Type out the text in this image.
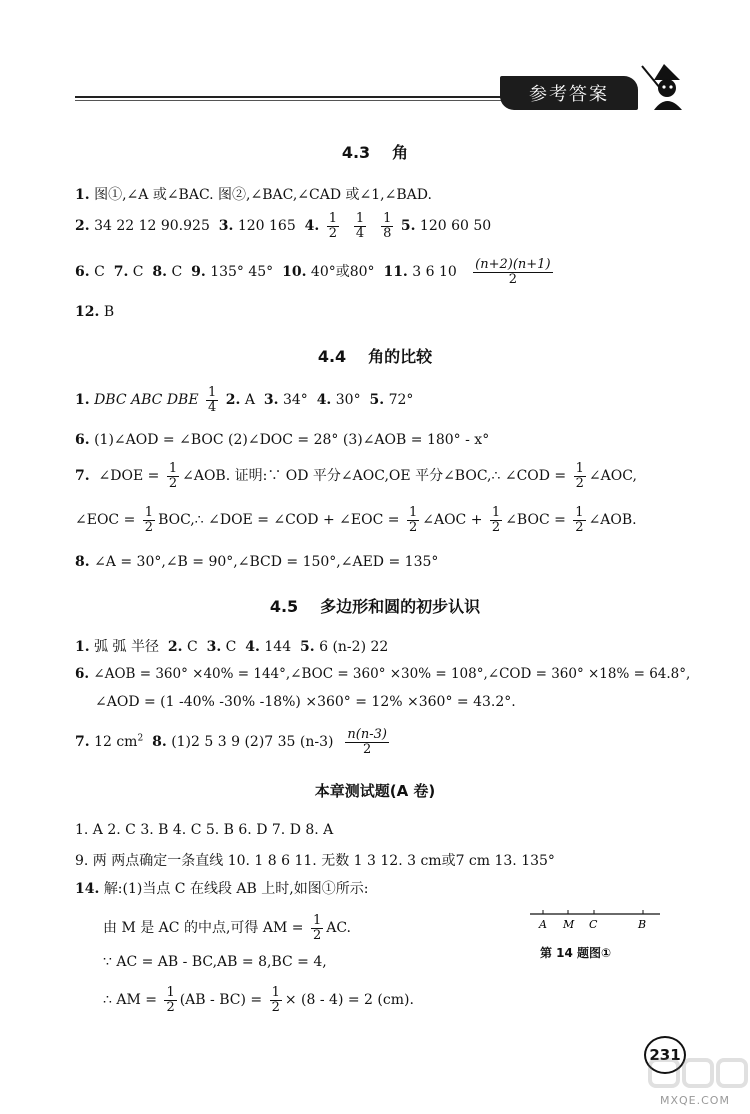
参考答案
4.3 角
1. 图①,∠A 或∠BAC. 图②,∠BAC,∠CAD 或∠1,∠BAD.
2. 34 22 12 90.925 3. 120 165 4. $\frac{1}{2}$
$\frac{1}{4}$
$\frac{1}{8} 5$. 120 60 50
6. C 7. C 8. C 9. 135° 45° 10. 40°或80° 11. 3 6 $10 \frac{(n+2)(n+1)}{2}$
12. B
4.4 角的比较
1. DBC ABC DBE $\frac{1}{4} 2$. A 3. 34° 4. 30° 5. 72°
6. (1)∠AOD = ∠BOC (2)∠DOC = 28° (3)∠AOB = 180° - x°
7. ∠DOE = $\frac{1}{2}$ ∠AOB. 证明:∵ OD 平分∠AOC,OE 平分∠BOC,∴ ∠COD = $\frac{1}{2}$ ∠AOC,
∠EOC = $\frac{1}{2}$ BOC,∴ ∠DOE = ∠COD + ∠EOC = $\frac{1}{2}$ ∠AOC + $\frac{1}{2}$ ∠BOC = $\frac{1}{2}$ ∠AOB.
8. ∠A = 30°,∠B = 90°,∠BCD = 150°,∠AED = 135°
4.5 多边形和圆的初步认识
1. 弧 弧 半径 2. C 3. C 4. 144 5. 6 (n-2) 22
6. ∠AOB = 360° ×40% = 144°,∠BOC = 360° ×30% = 108°,∠COD = 360° ×18% = 64.8°,
∠AOD = (1 -40% -30% -18%) ×360° = 12% ×360° = 43.2°.
7. 12 $cm^2$ 8. (1)2 5 3 9 (2)7 35 $(n-3) \frac{n(n-3)}{2}$
本章测试题(A 卷)
1. A 2. C 3. B 4. C 5. B 6. D 7. D 8. A
9. 两 两点确定一条直线 10. 1 8 6 11. 无数 1 3 12. 3 cm或7 cm 13. 135°
14. 解:(1)当点 C 在线段 AB 上时,如图①所示:
由 M 是 AC 的中点,可得 AM = $\frac{1}{2}$ AC.
∵ AC = AB - BC,AB = 8,BC = 4,
∴ AM = $\frac{1}{2} (AB - BC) = \frac{1}{2} \times (8 - 4) = 2$ (cm).
A M C	B
第 14 题图①
231
MXQE.COM
